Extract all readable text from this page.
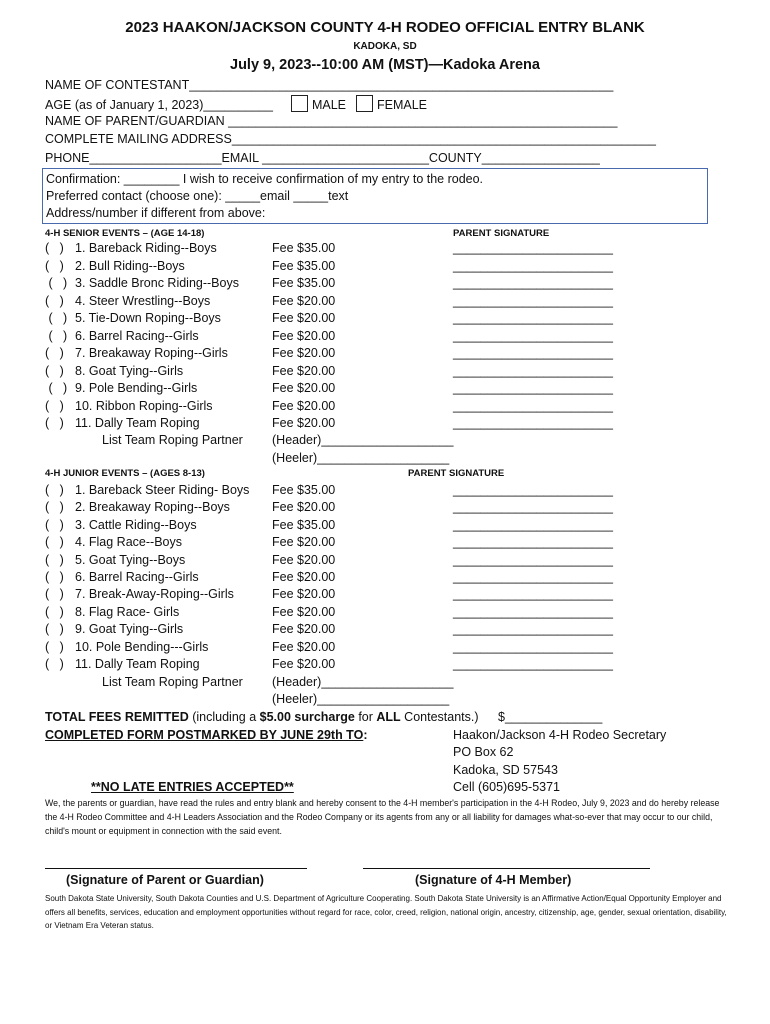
2023 HAAKON/JACKSON COUNTY 4-H RODEO OFFICIAL ENTRY BLANK
KADOKA, SD
July 9, 2023--10:00 AM (MST)—Kadoka Arena
NAME OF CONTESTANT_____________________________________________________________
AGE (as of January 1, 2023)__________	MALE FEMALE
NAME OF PARENT/GUARDIAN ________________________________________________________
COMPLETE MAILING ADDRESS_____________________________________________________________
PHONE___________________EMAIL ________________________COUNTY_________________
Confirmation: ________ I wish to receive confirmation of my entry to the rodeo.
Preferred contact (choose one): _____email _____text
Address/number if different from above:
4-H SENIOR EVENTS – (AGE 14-18)	PARENT SIGNATURE
(   ) 1. Bareback Riding--Boys	Fee $35.00	_______________________
(   ) 2. Bull Riding--Boys	Fee $35.00	_______________________
(   ) 3. Saddle Bronc Riding--Boys	Fee $35.00	_______________________
(   ) 4. Steer Wrestling--Boys	Fee $20.00	_______________________
(   ) 5. Tie-Down Roping--Boys	Fee $20.00	_______________________
(   ) 6. Barrel Racing--Girls	Fee $20.00	_______________________
(   ) 7. Breakaway Roping--Girls	Fee $20.00	_______________________
(   ) 8. Goat Tying--Girls	Fee $20.00	_______________________
(   ) 9. Pole Bending--Girls	Fee $20.00	_______________________
(   ) 10. Ribbon Roping--Girls	Fee $20.00	_______________________
(   ) 11. Dally Team Roping	Fee $20.00	_______________________
List Team Roping Partner (Header)___________________
(Heeler)___________________
4-H JUNIOR EVENTS – (AGES 8-13)	PARENT SIGNATURE
(   ) 1. Bareback Steer Riding- Boys Fee $35.00	_______________________
(   ) 2. Breakaway Roping--Boys	Fee $20.00	_______________________
(   ) 3. Cattle Riding--Boys	Fee $35.00	_______________________
(   ) 4. Flag Race--Boys	Fee $20.00	_______________________
(   ) 5. Goat Tying--Boys	Fee $20.00	_______________________
(   ) 6. Barrel Racing--Girls	Fee $20.00	_______________________
(   ) 7. Break-Away-Roping--Girls	Fee $20.00	_______________________
(   ) 8. Flag Race- Girls	Fee $20.00	_______________________
(   ) 9. Goat Tying--Girls	Fee $20.00	_______________________
(   ) 10. Pole Bending---Girls	Fee $20.00	_______________________
(   ) 11. Dally Team Roping	Fee $20.00	_______________________
List Team Roping Partner (Header)___________________
(Heeler)___________________
TOTAL FEES REMITTED (including a $5.00 surcharge for ALL Contestants.) $______________
COMPLETED FORM POSTMARKED BY JUNE 29th TO:	Haakon/Jackson 4-H Rodeo Secretary
PO Box 62
Kadoka, SD 57543
Cell (605)695-5371
**NO LATE ENTRIES ACCEPTED**
We, the parents or guardian, have read the rules and entry blank and hereby consent to the 4-H member's participation in the 4-H Rodeo, July 9, 2023 and do hereby release the 4-H Rodeo Committee and 4-H Leaders Association and the Rodeo Company or its agents from any or all liability for damages what-so-ever that may occur to our child, child's mount or equipment in connection with the said event.
(Signature of Parent or Guardian)	(Signature of 4-H Member)
South Dakota State University, South Dakota Counties and U.S. Department of Agriculture Cooperating. South Dakota State University is an Affirmative Action/Equal Opportunity Employer and offers all benefits, services, education and employment opportunities without regard for race, color, creed, religion, national origin, ancestry, citizenship, age, gender, sexual orientation, disability, or Vietnam Era Veteran status.
